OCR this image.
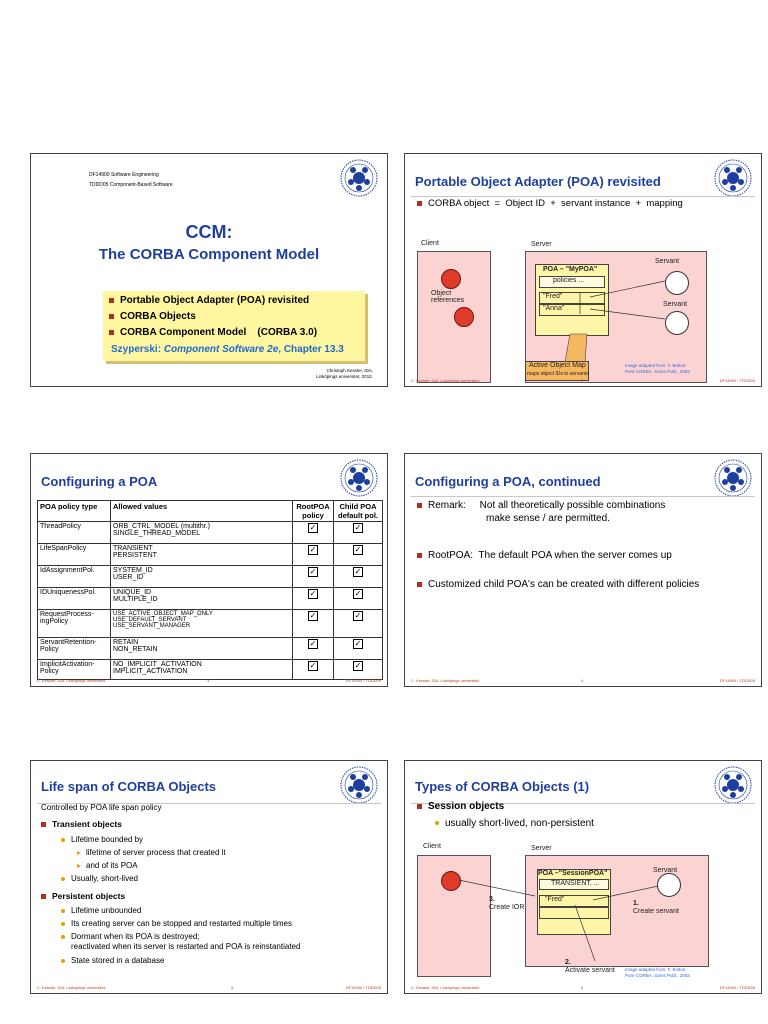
DF14900 Software Engineering
TDDD05 Component-Based Software
CCM:
The CORBA Component Model
Portable Object Adapter (POA) revisited
CORBA Objects
CORBA Component Model    (CORBA 3.0)
Szyperski: Component Software 2e, Chapter 13.3
Christoph Kessler, IDA,
Linköpings universitet, 2012.
Portable Object Adapter (POA) revisited
CORBA object  =  Object ID  +  servant instance  +  mapping
Client	Server
Object references
POA – "MyPOA"
policies ...
"Fred"
"Anna"
Servant
Servant
Active Object Map
maps object IDs to servants
Image adapted from: F. Bolton:
Pure CORBA. Sams Publ., 2002.
C. Kessler, IDA, Linköpings universitet.	2	DF14900 / TDDD05
Configuring a POA
POA policy type	Allowed values	RootPOA policy	Child POA default pol.
ThreadPolicy	ORB_CTRL_MODEL (multithr.)
SINGLE_THREAD_MODEL	✓	✓
LifeSpanPolicy	TRANSIENT
PERSISTENT	✓	✓
IdAssignmentPol.	SYSTEM_ID
USER_ID	✓	✓
IDUniquenessPol.	UNIQUE_ID
MULTIPLE_ID	✓	✓
RequestProcess-ingPolicy	USE_ACTIVE_OBJECT_MAP_ONLY
USE_DEFAULT_SERVANT
USE_SERVANT_MANAGER	✓	✓
ServantRetention-Policy	RETAIN
NON_RETAIN	✓	✓
ImplicitActivation-Policy	NO_IMPLICIT_ACTIVATION
IMPLICIT_ACTIVATION	✓	✓
C. Kessler, IDA, Linköpings universitet.	3	DF14900 / TDDD05
Configuring a POA, continued
Remark:     Not all theoretically possible combinations
make sense / are permitted.
RootPOA:  The default POA when the server comes up
Customized child POA's can be created with different policies
C. Kessler, IDA, Linköpings universitet.	4	DF14900 / TDDD05
Life span of CORBA Objects
Controlled by POA life span policy
Transient objects
Lifetime bounded by
lifetime of server process that created it
and of its POA
Usually, short-lived
Persistent objects
Lifetime unbounded
Its creating server can be stopped and restarted multiple times
Dormant when its POA is destroyed;
reactivated when its server is restarted and POA is reinstantiated
State stored in a database
C. Kessler, IDA, Linköpings universitet.	5	DF14900 / TDDD05
Types of CORBA Objects (1)
Session objects
usually short-lived, non-persistent
Client	Server
POA –"SessionPOA"
TRANSIENT, ...
"Fred"
Servant
1.
Create servant
3.
Create IOR
2.
Activate servant Image adapted from: F. Bolton:
Pure CORBA. Sams Publ., 2002.
C. Kessler, IDA, Linköpings universitet.	6	DF14900 / TDDD05
